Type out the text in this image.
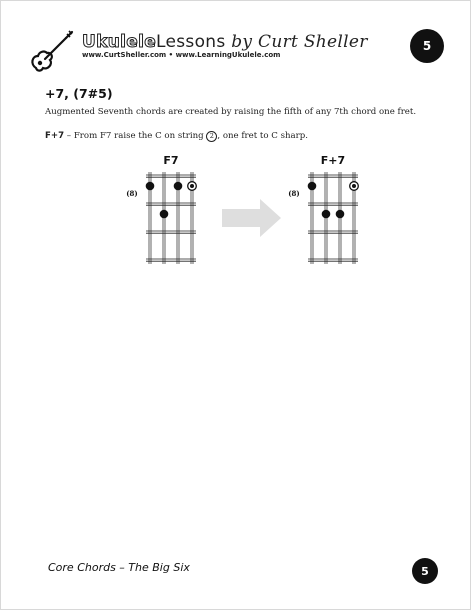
UkuleleLessons by Curt Sheller
www.CurtSheller.com • www.LearningUkulele.com
5
+7, (7#5)
Augmented Seventh chords are created by raising the fifth of any 7th chord one fret.
F+7 – From F7 raise the C on string 2 , one fret to C sharp.
F7
(8)
F+7
(8)
Core Chords – The Big Six	5
